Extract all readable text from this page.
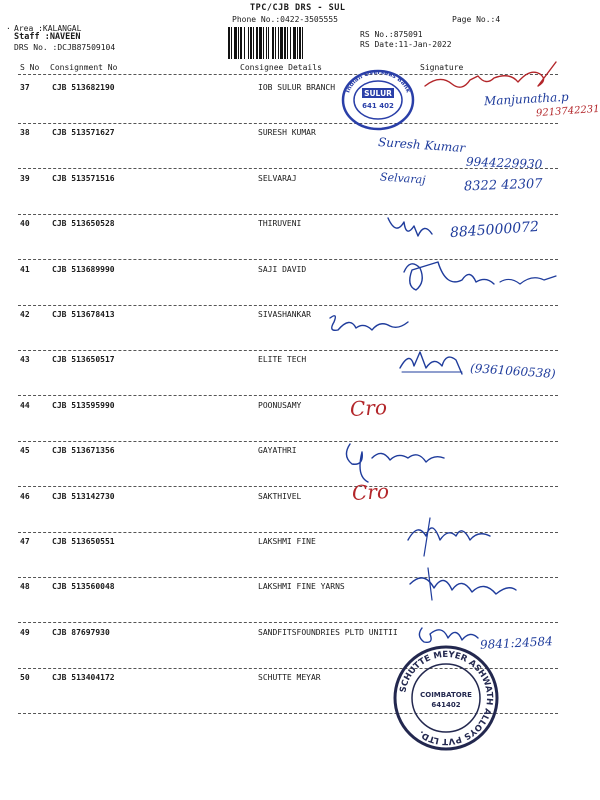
TPC/CJB DRS - SUL
Phone No.:0422-3505555	Page No.:4
· Area :KALANGAL
Staff :NAVEEN
DRS No. :DCJB87509104
RS No.:875091
RS Date:11-Jan-2022
S No Consignment No	Consignee Details	Signature
37	CJB 513682190	IOB SULUR BRANCH
38	CJB 513571627	SURESH KUMAR
39	CJB 513571516	SELVARAJ
40	CJB 513650528	THIRUVENI
41	CJB 513689990	SAJI DAVID
42	CJB 513678413	SIVASHANKAR
43	CJB 513650517	ELITE TECH
44	CJB 513595990	POONUSAMY
45	CJB 513671356	GAYATHRI
46	CJB 513142730	SAKTHIVEL
47	CJB 513650551	LAKSHMI FINE
48	CJB 513560048	LAKSHMI FINE YARNS
49	CJB 87697930	SANDFITSFOUNDRIES PLTD UNITII
50	CJB 513404172	SCHUTTE MEYAR
Indian Overseas Bank
SULUR
641 402
SCHUTTE MEYER ASHWATH ALLOYS PVT LTD.
COIMBATORE
641402
Manjunatha.p
9213742231
Suresh Kumar
9944229930
Selvaraj	8322 42307
8845000072
(9361060538)
Cro
Cro
9841:24584
